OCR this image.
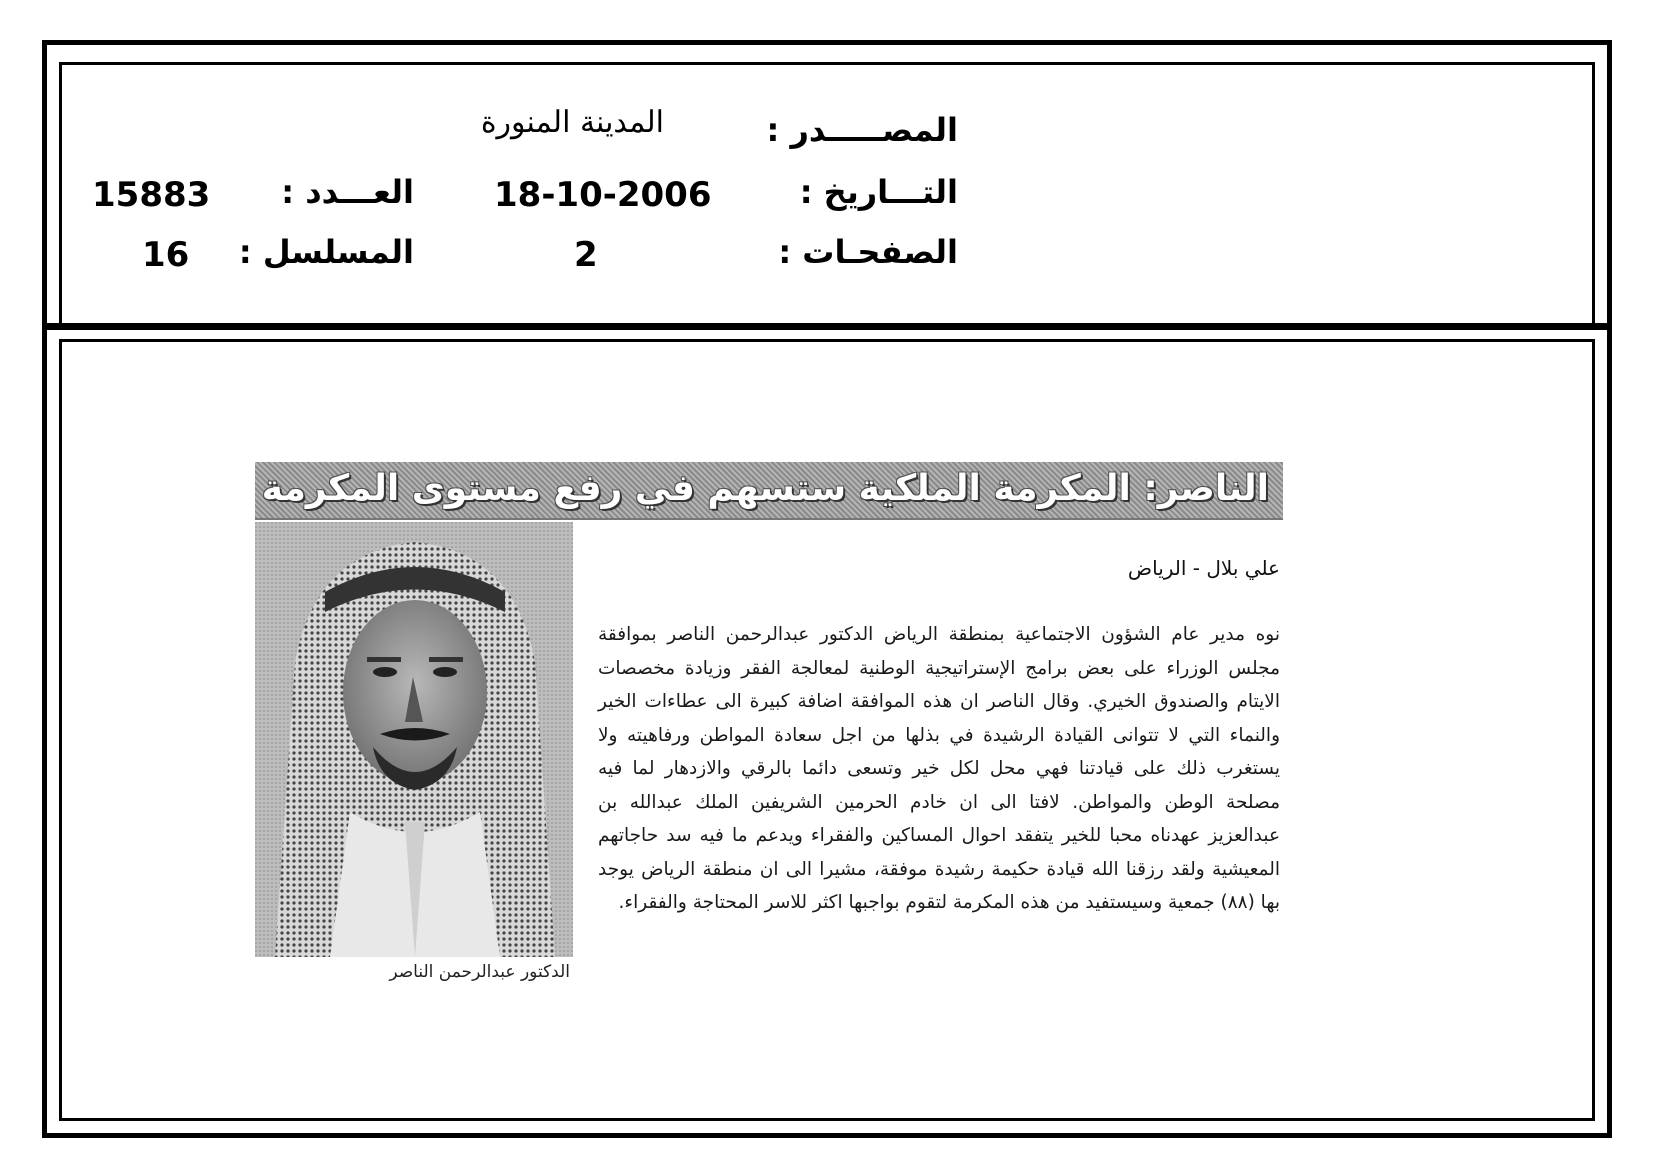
المصـــــدر :
المدينة المنورة
التـــاريخ :
18-10-2006
الصفحـات :
2
العـــدد :
15883
المسلسل :
16
الناصر: المكرمة الملكية ستسهم في رفع مستوى المكرمة
الدكتور عبدالرحمن الناصر
علي بلال - الرياض

نوه مدير عام الشؤون الاجتماعية بمنطقة الرياض الدكتور عبدالرحمن الناصر بموافقة مجلس الوزراء على بعض برامج الإستراتيجية الوطنية لمعالجة الفقر وزيادة مخصصات الايتام والصندوق الخيري. وقال الناصر ان هذه الموافقة اضافة كبيرة الى عطاءات الخير والنماء التي لا تتوانى القيادة الرشيدة في بذلها من اجل سعادة المواطن ورفاهيته ولا يستغرب ذلك على قيادتنا فهي محل لكل خير وتسعى دائما بالرقي والازدهار لما فيه مصلحة الوطن والمواطن. لافتا الى ان خادم الحرمين الشريفين الملك عبدالله بن عبدالعزيز عهدناه محبا للخير يتفقد احوال المساكين والفقراء ويدعم ما فيه سد حاجاتهم المعيشية ولقد رزقنا الله قيادة حكيمة رشيدة موفقة، مشيرا الى ان منطقة الرياض يوجد بها (٨٨) جمعية وسيستفيد من هذه المكرمة لتقوم بواجبها اكثر للاسر المحتاجة والفقراء.
